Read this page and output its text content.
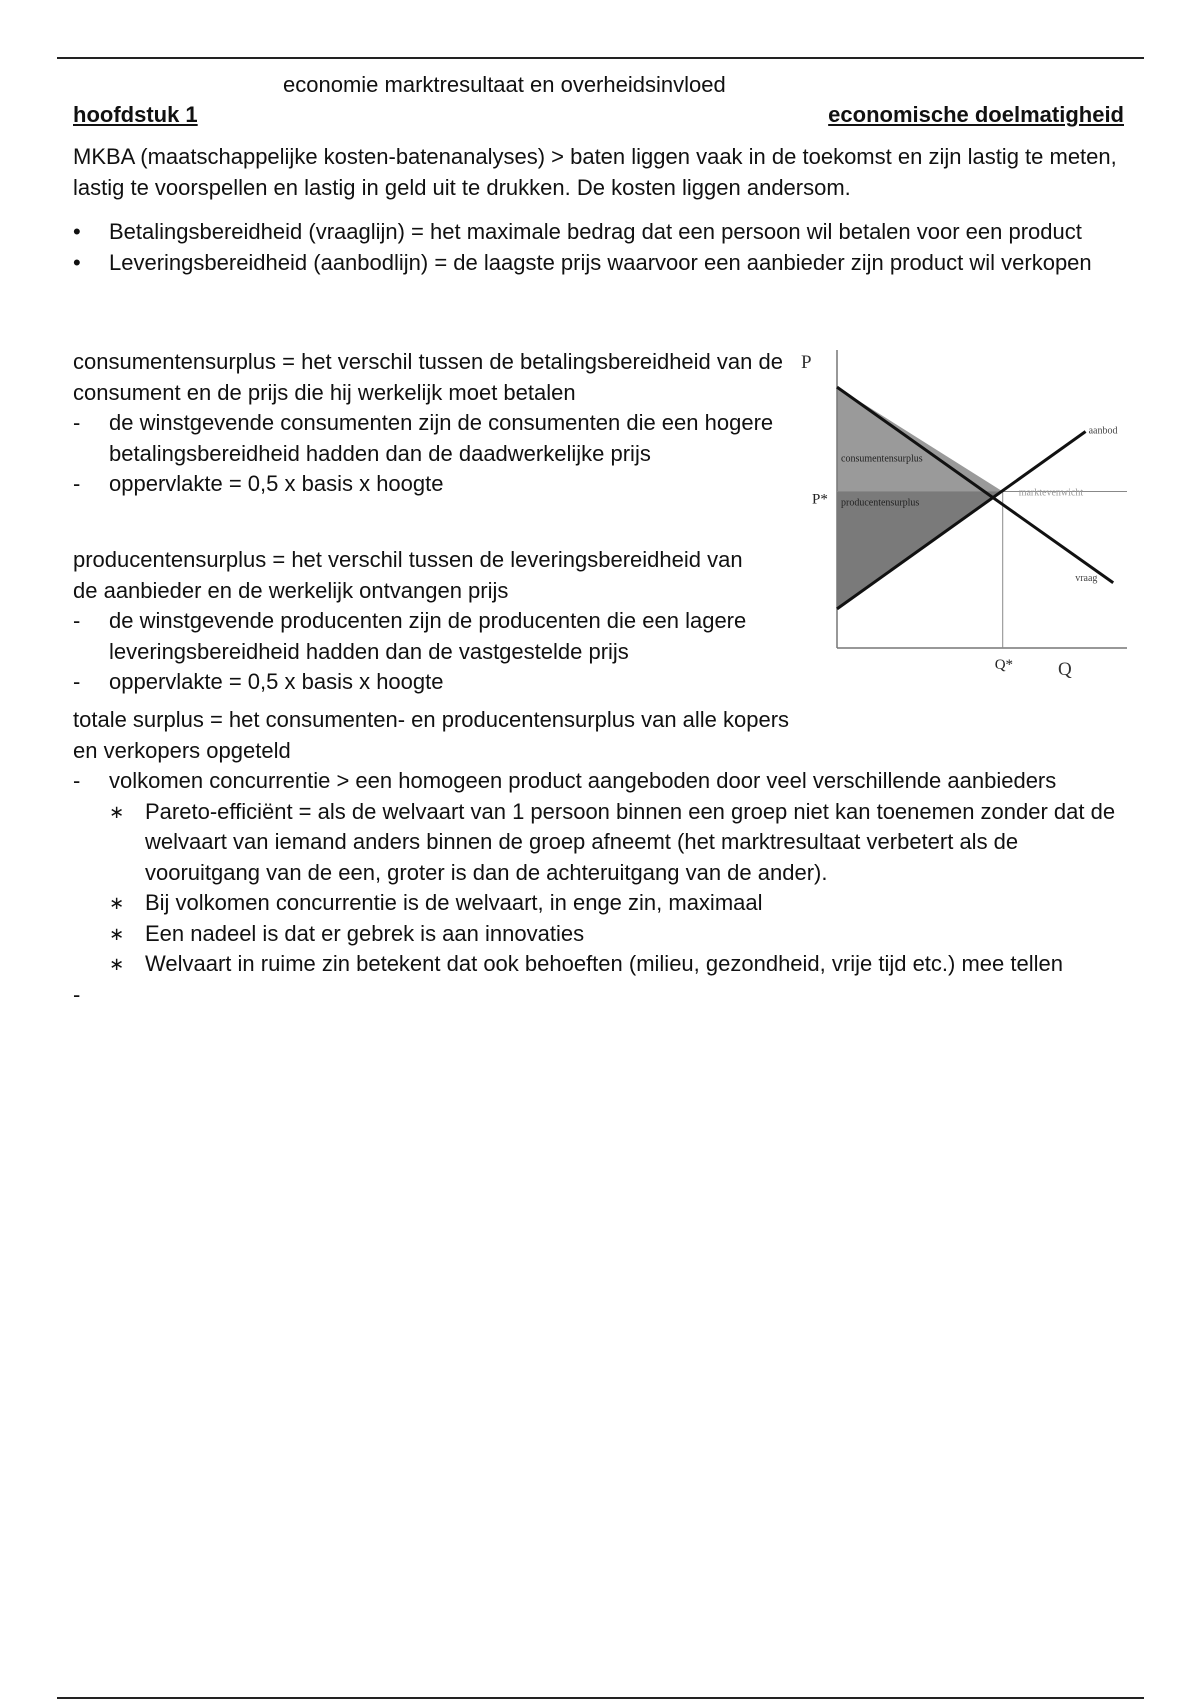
economie marktresultaat en overheidsinvloed
hoofdstuk 1	economische doelmatigheid

MKBA (maatschappelijke kosten-batenanalyses) > baten liggen vaak in de toekomst en zijn lastig te meten, lastig te voorspellen en lastig in geld uit te drukken. De kosten liggen andersom.

• Betalingsbereidheid (vraaglijn) = het maximale bedrag dat een persoon wil betalen voor een product
• Leveringsbereidheid (aanbodlijn) = de laagste prijs waarvoor een aanbieder zijn product wil verkopen
consumentensurplus = het verschil tussen de betalingsbereidheid van de consument en de prijs die hij werkelijk moet betalen
- de winstgevende consumenten zijn de consumenten die een hogere betalingsbereidheid hadden dan de daadwerkelijke prijs
- oppervlakte = 0,5 x basis x hoogte
producentensurplus = het verschil tussen de leveringsbereidheid van de aanbieder en de werkelijk ontvangen prijs
- de winstgevende producenten zijn de producenten die een lagere leveringsbereidheid hadden dan de vastgestelde prijs
- oppervlakte = 0,5 x basis x hoogte
totale surplus = het consumenten- en producentensurplus van alle kopers en verkopers opgeteld
- volkomen concurrentie > een homogeen product aangeboden door veel verschillende aanbieders
∗ Pareto-efficiënt = als de welvaart van 1 persoon binnen een groep niet kan toenemen zonder dat de welvaart van iemand anders binnen de groep afneemt (het marktresultaat verbetert als de vooruitgang van de een, groter is dan de achteruitgang van de ander).
∗ Bij volkomen concurrentie is de welvaart, in enge zin, maximaal
∗ Een nadeel is dat er gebrek is aan innovaties
∗ Welvaart in ruime zin betekent dat ook behoeften (milieu, gezondheid, vrije tijd etc.) mee tellen
-
P
Q
P*
Q*
marktevenwicht
aanbod
vraag
consumentensurplus
producentensurplus
